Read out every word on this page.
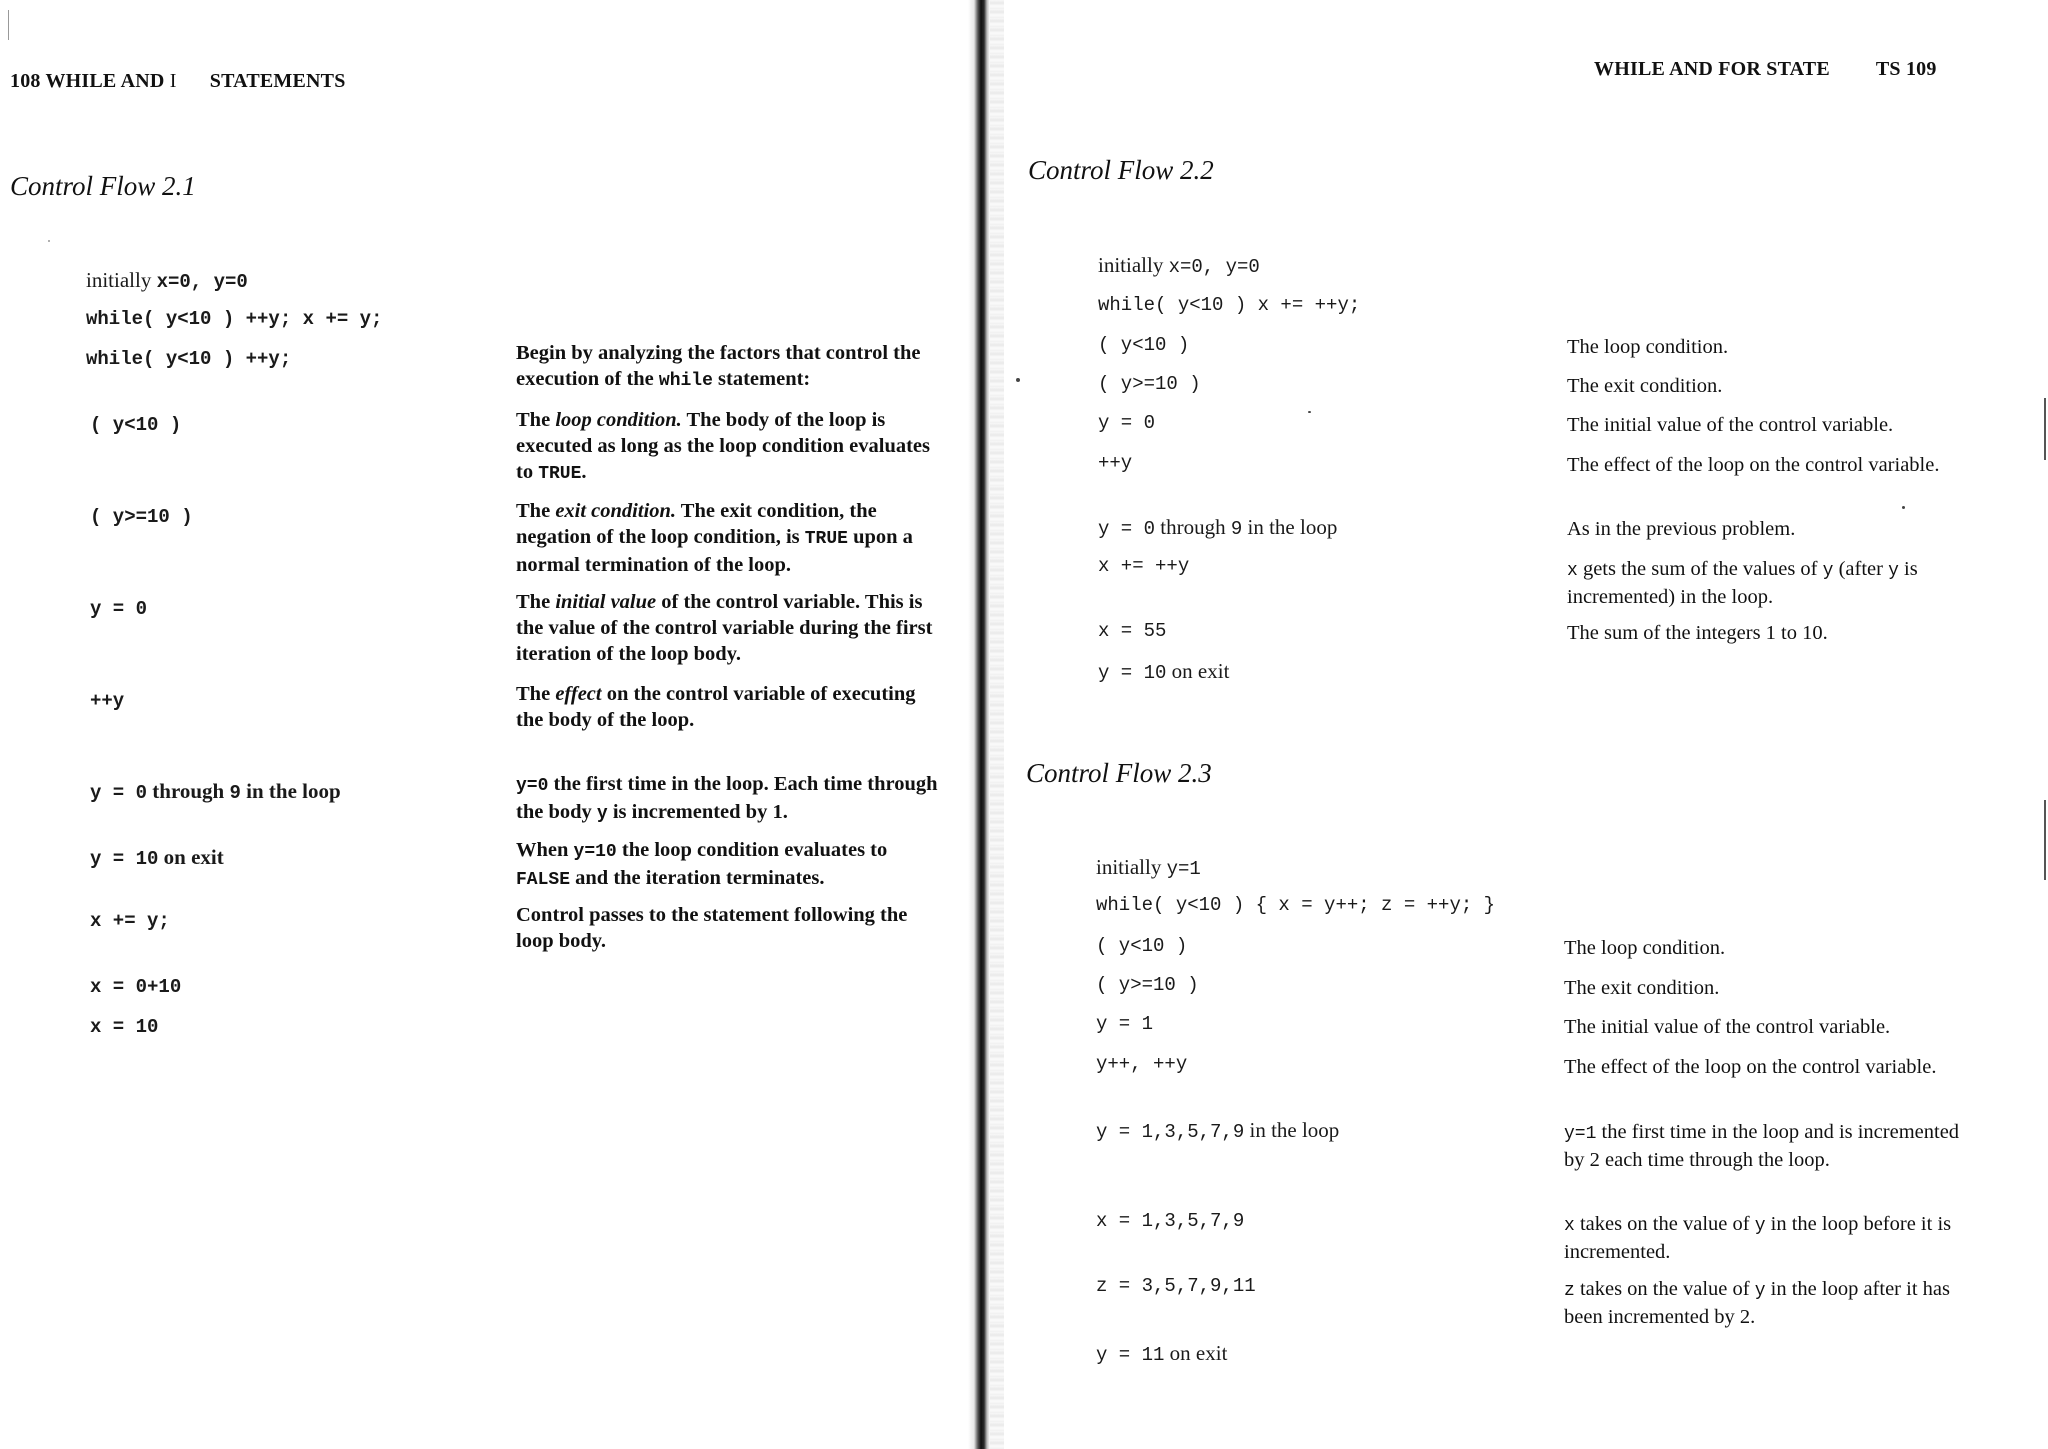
108 WHILE AND I STATEMENTS
Control Flow 2.1
initially x=0, y=0
while( y<10 ) ++y; x += y;
while( y<10 ) ++y;
( y<10 )
( y>=10 )
y = 0
++y
y = 0 through 9 in the loop
y = 10 on exit
x += y;
x = 0+10
x = 10
Begin by analyzing the factors that control the execution of the while statement:
The loop condition. The body of the loop is executed as long as the loop condition evaluates to TRUE.
The exit condition. The exit condition, the negation of the loop condition, is TRUE upon a normal termination of the loop.
The initial value of the control variable. This is the value of the control variable during the first iteration of the loop body.
The effect on the control variable of executing the body of the loop.
y=0 the first time in the loop. Each time through the body y is incremented by 1.
When y=10 the loop condition evaluates to FALSE and the iteration terminates.
Control passes to the statement following the loop body.
WHILE AND FOR STATE TS 109
Control Flow 2.2
initially x=0, y=0
while( y<10 ) x += ++y;
( y<10 )
( y>=10 )
y = 0
++y
y = 0 through 9 in the loop
x += ++y
x = 55
y = 10 on exit
The loop condition.
The exit condition.
The initial value of the control variable.
The effect of the loop on the control variable.
As in the previous problem.
x gets the sum of the values of y (after y is incremented) in the loop.
The sum of the integers 1 to 10.
Control Flow 2.3
initially y=1
while( y<10 ) { x = y++; z = ++y; }
( y<10 )
( y>=10 )
y = 1
y++, ++y
y = 1,3,5,7,9 in the loop
x = 1,3,5,7,9
z = 3,5,7,9,11
y = 11 on exit
The loop condition.
The exit condition.
The initial value of the control variable.
The effect of the loop on the control variable.
y=1 the first time in the loop and is incremented by 2 each time through the loop.
x takes on the value of y in the loop before it is incremented.
z takes on the value of y in the loop after it has been incremented by 2.
